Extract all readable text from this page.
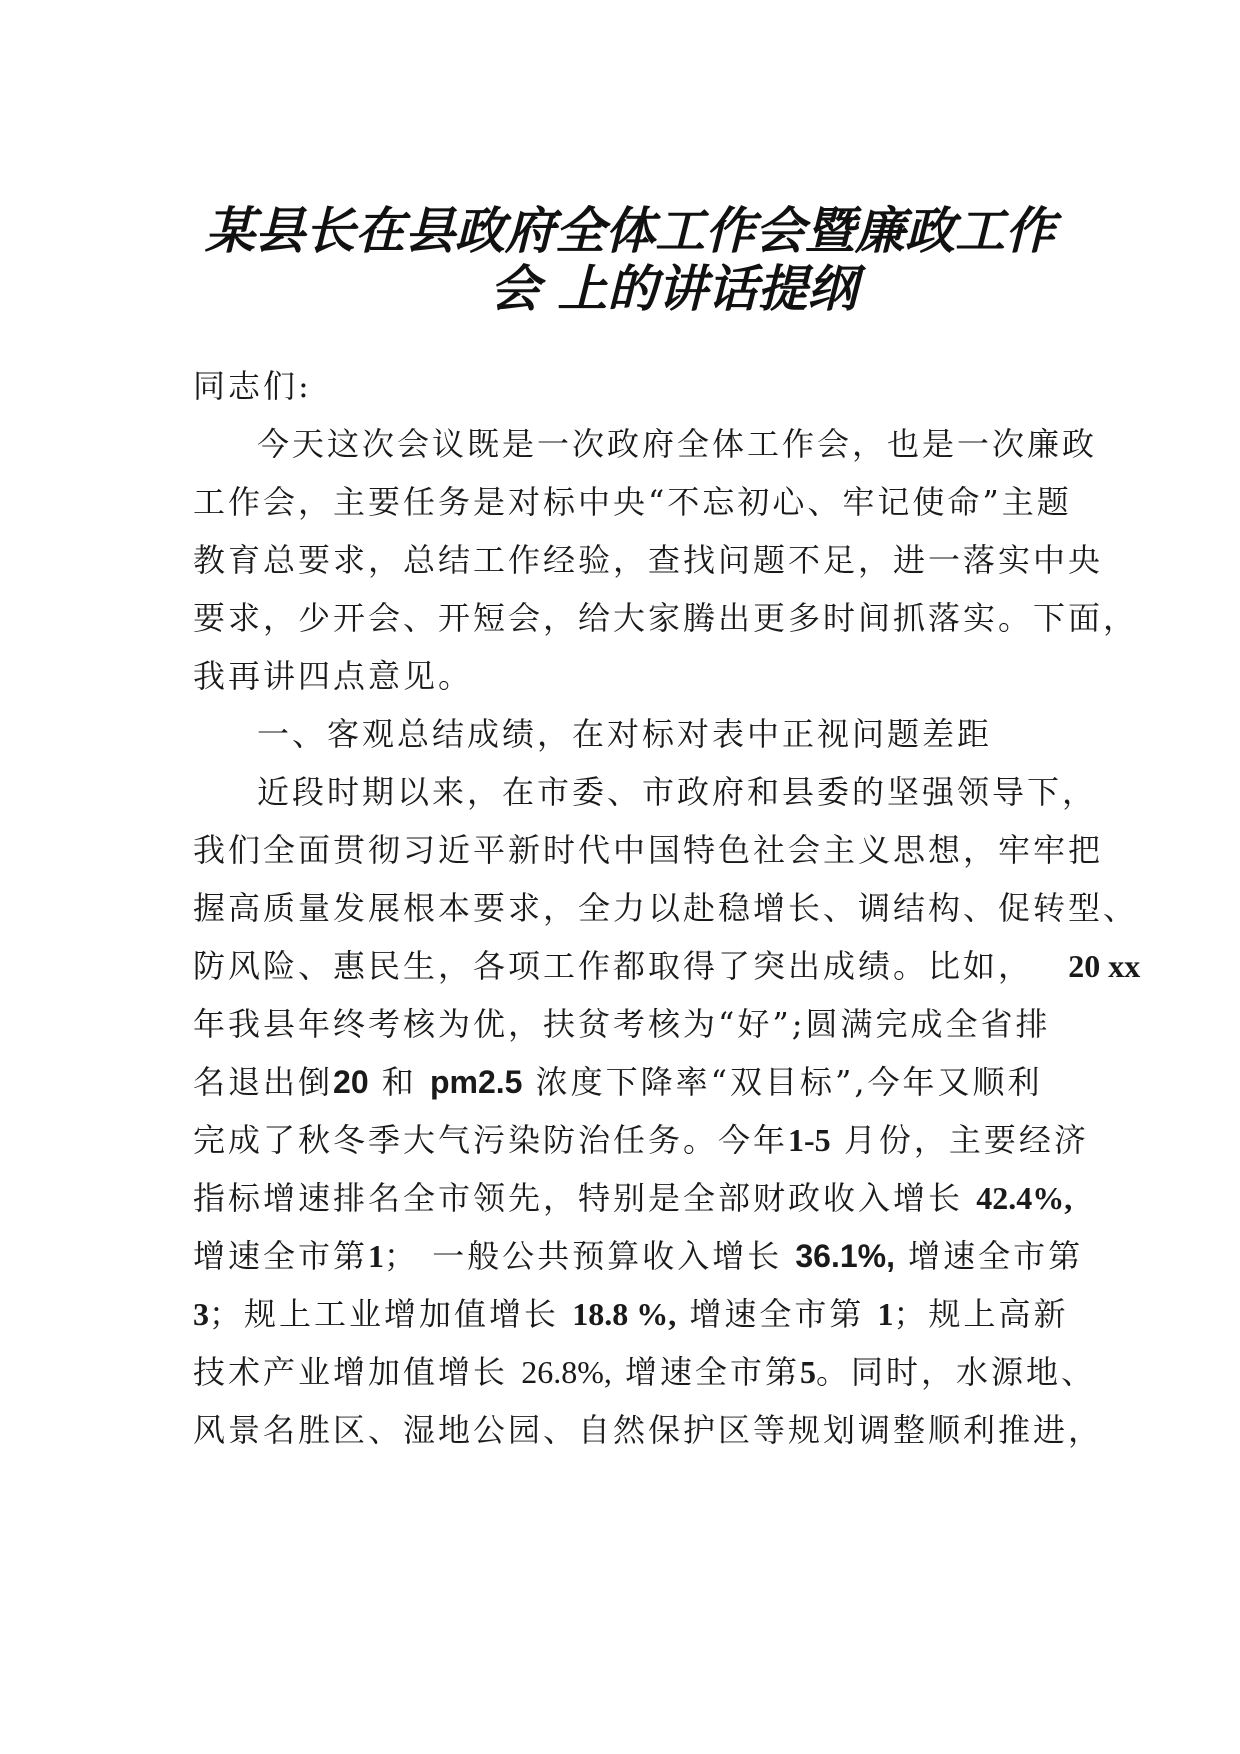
某县长在县政府全体工作会暨廉政工作
会 上的讲话提纲
同志们:
今天这次会议既是一次政府全体工作会，也是一次廉政
工作会，主要任务是对标中央“不忘初心、牢记使命”主题
教育总要求，总结工作经验，查找问题不足，进一落实中央
要求，少开会、开短会，给大家腾出更多时间抓落实。下面，
我再讲四点意见。
一、客观总结成绩，在对标对表中正视问题差距
近段时期以来，在市委、市政府和县委的坚强领导下，
我们全面贯彻习近平新时代中国特色社会主义思想，牢牢把
握高质量发展根本要求，全力以赴稳增长、调结构、促转型、
防风险、惠民生，各项工作都取得了突出成绩。比如， 20 xx
年我县年终考核为优，扶贫考核为“好”;圆满完成全省排
名退出倒20 和 pm2.5 浓度下降率“双目标”,今年又顺利
完成了秋冬季大气污染防治任务。今年1-5 月份，主要经济
指标增速排名全市领先，特别是全部财政收入增长 42.4%,
增速全市第1； 一般公共预算收入增长 36.1%, 增速全市第
3；规上工业增加值增长 18.8 %, 增速全市第 1；规上高新
技术产业增加值增长 26.8%, 增速全市第5。同时，水源地、
风景名胜区、湿地公园、自然保护区等规划调整顺利推进，
